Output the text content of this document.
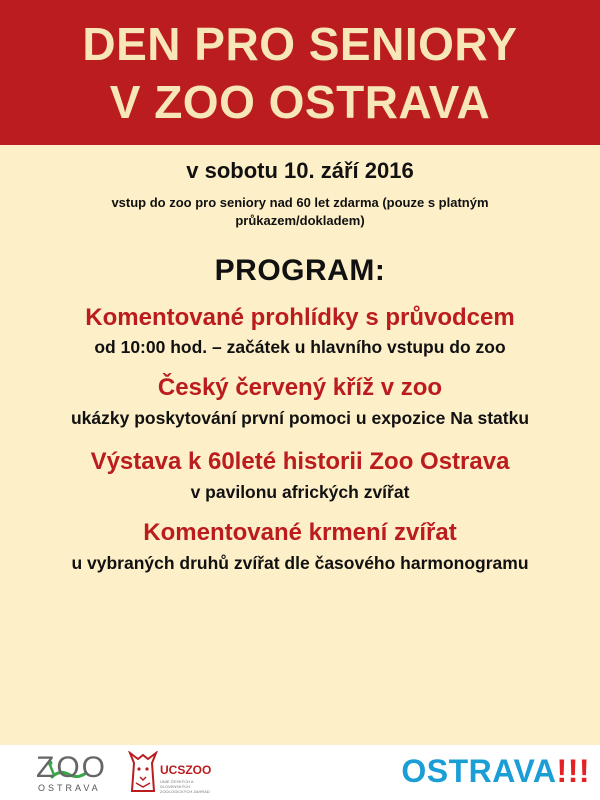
DEN PRO SENIORY
V ZOO OSTRAVA
v sobotu 10. září 2016
vstup do zoo pro seniory nad 60 let zdarma (pouze s platným průkazem/dokladem)
PROGRAM:
Komentované prohlídky s průvodcem
od 10:00 hod. – začátek u hlavního vstupu do zoo
Český červený kříž v zoo
ukázky poskytování první pomoci u expozice Na statku
Výstava k 60leté historii Zoo Ostrava
v pavilonu afrických zvířat
Komentované krmení zvířat
u vybraných druhů zvířat dle časového harmonogramu
ZOO
OSTRAVA
UCSZOO
UNIE ČESKÝCH A SLOVENSKÝCH ZOOLOGICKÝCH ZAHRAD
OSTRAVA!!!
